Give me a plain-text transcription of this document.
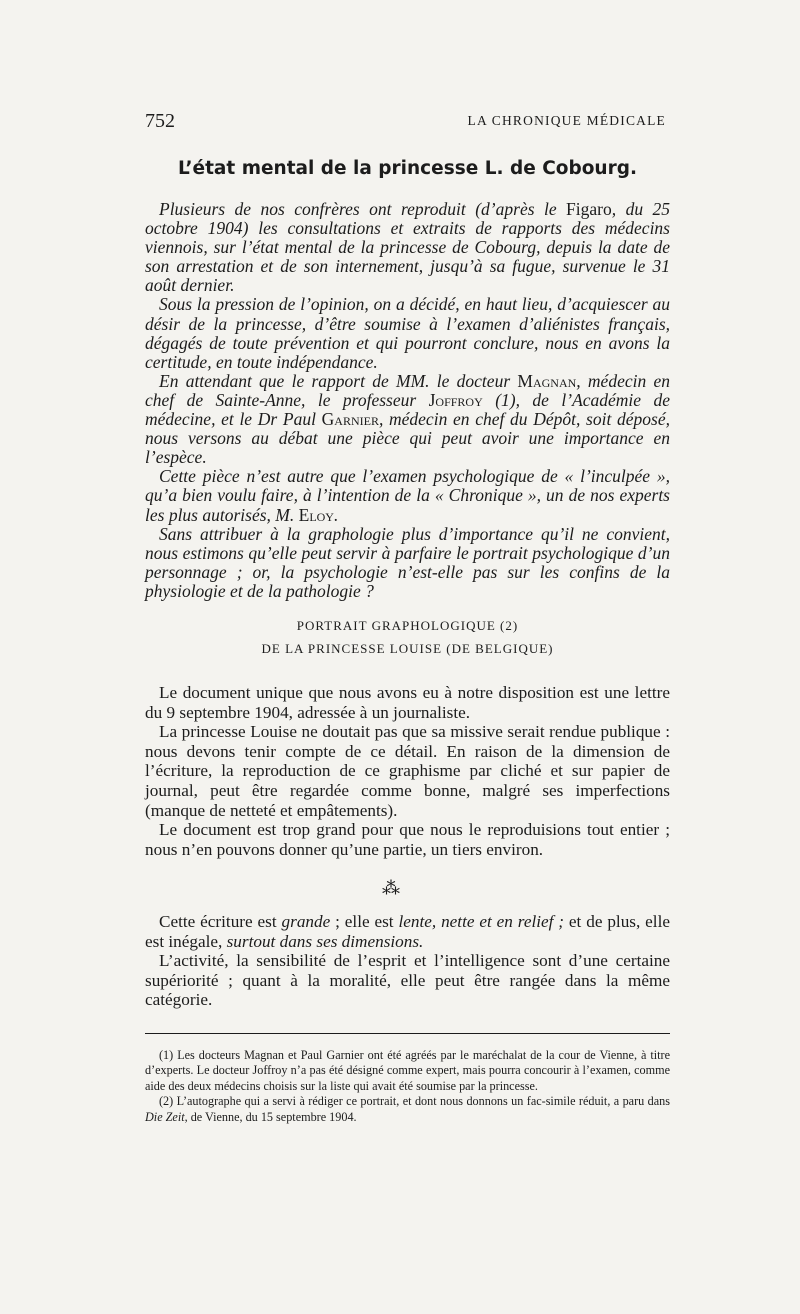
752	LA CHRONIQUE MÉDICALE
L’état mental de la princesse L. de Cobourg.

Plusieurs de nos confrères ont reproduit (d’après le Figaro, du 25 octobre 1904) les consultations et extraits de rapports des médecins viennois, sur l’état mental de la princesse de Cobourg, depuis la date de son arrestation et de son internement, jusqu’à sa fugue, survenue le 31 août dernier.

Sous la pression de l’opinion, on a décidé, en haut lieu, d’acquiescer au désir de la princesse, d’être soumise à l’examen d’aliénistes français, dégagés de toute prévention et qui pourront conclure, nous en avons la certitude, en toute indépendance.

En attendant que le rapport de MM. le docteur Magnan, médecin en chef de Sainte-Anne, le professeur Joffroy (1), de l’Académie de médecine, et le Dr Paul Garnier, médecin en chef du Dépôt, soit déposé, nous versons au débat une pièce qui peut avoir une importance en l’espèce.

Cette pièce n’est autre que l’examen psychologique de « l’inculpée », qu’a bien voulu faire, à l’intention de la « Chronique », un de nos experts les plus autorisés, M. Eloy.

Sans attribuer à la graphologie plus d’importance qu’il ne convient, nous estimons qu’elle peut servir à parfaire le portrait psychologique d’un personnage ; or, la psychologie n’est-elle pas sur les confins de la physiologie et de la pathologie ?

PORTRAIT GRAPHOLOGIQUE (2)

DE LA PRINCESSE LOUISE (DE BELGIQUE)

Le document unique que nous avons eu à notre disposition est une lettre du 9 septembre 1904, adressée à un journaliste.

La princesse Louise ne doutait pas que sa missive serait rendue publique : nous devons tenir compte de ce détail. En raison de la dimension de l’écriture, la reproduction de ce graphisme par cliché et sur papier de journal, peut être regardée comme bonne, malgré ses imperfections (manque de netteté et empâtements).

Le document est trop grand pour que nous le reproduisions tout entier ; nous n’en pouvons donner qu’une partie, un tiers environ.

⁂

Cette écriture est grande ; elle est lente, nette et en relief ; et de plus, elle est inégale, surtout dans ses dimensions.

L’activité, la sensibilité de l’esprit et l’intelligence sont d’une certaine supériorité ; quant à la moralité, elle peut être rangée dans la même catégorie.

(1) Les docteurs Magnan et Paul Garnier ont été agréés par le maréchalat de la cour de Vienne, à titre d’experts. Le docteur Joffroy n’a pas été désigné comme expert, mais pourra concourir à l’examen, comme aide des deux médecins choisis sur la liste qui avait été soumise par la princesse.

(2) L’autographe qui a servi à rédiger ce portrait, et dont nous donnons un fac-simile réduit, a paru dans Die Zeit, de Vienne, du 15 septembre 1904.
